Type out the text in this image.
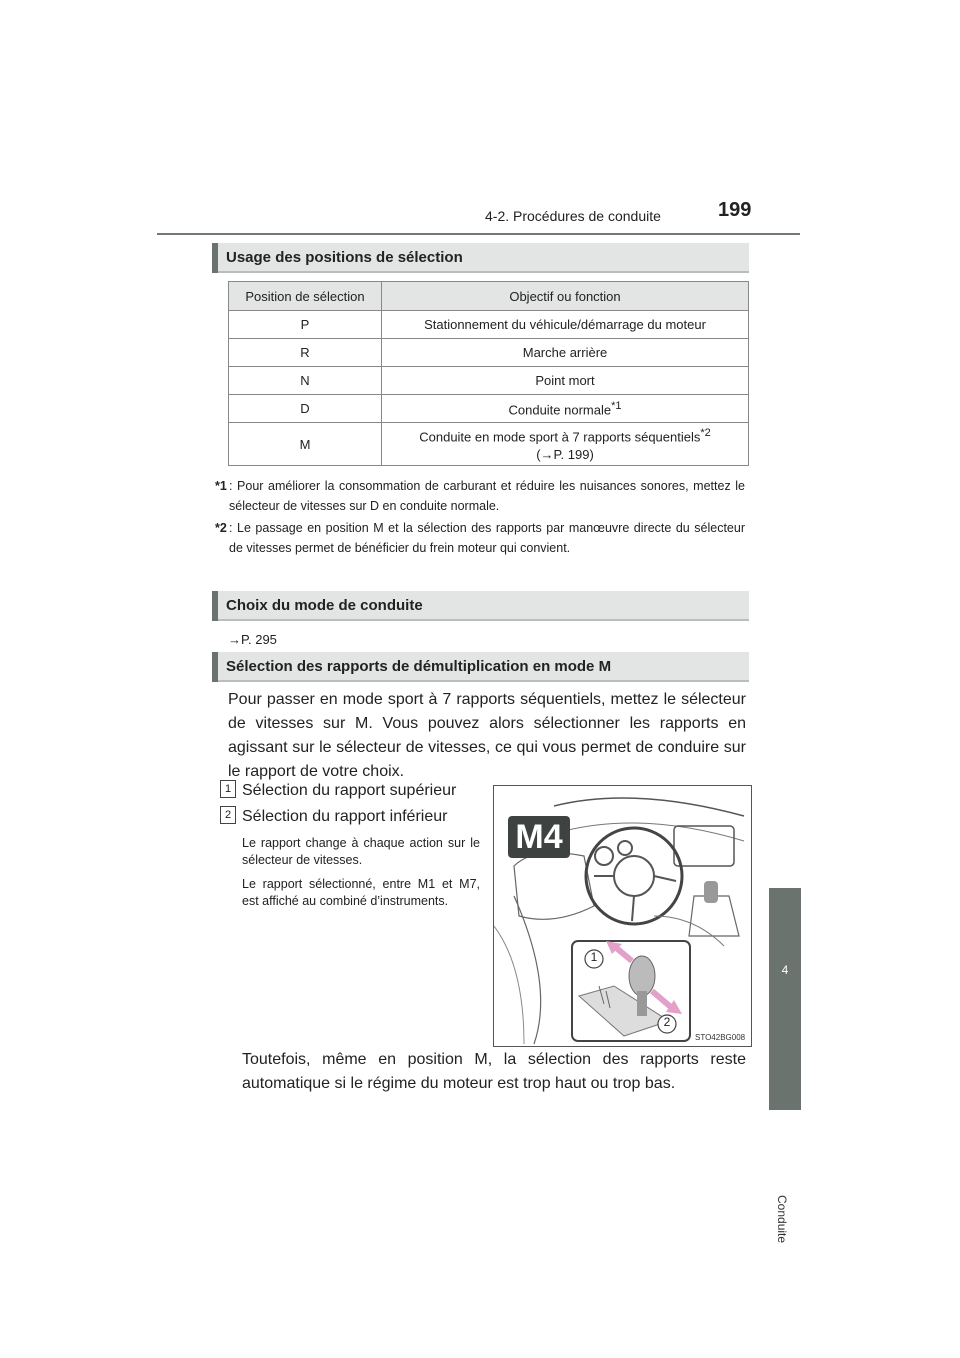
4-2. Procédures de conduite	199
4
Conduite
Usage des positions de sélection
Position de sélection	Objectif ou fonction
P	Stationnement du véhicule/démarrage du moteur
R	Marche arrière
N	Point mort
D	Conduite normale$^{*1}$
M	Conduite en mode sport à 7 rapports séquentiels$^{*2}$
(→P. 199)
*1 : Pour améliorer la consommation de carburant et réduire les nuisances sonores, mettez le sélecteur de vitesses sur D en conduite normale.
*2 : Le passage en position M et la sélection des rapports par manœuvre directe du sélecteur de vitesses permet de bénéficier du frein moteur qui convient.
Choix du mode de conduite
→P. 295
Sélection des rapports de démultiplication en mode M
Pour passer en mode sport à 7 rapports séquentiels, mettez le sélecteur de vitesses sur M. Vous pouvez alors sélectionner les rapports en agissant sur le sélecteur de vitesses, ce qui vous permet de conduire sur le rapport de votre choix.
1 Sélection du rapport supérieur
2 Sélection du rapport inférieur
Le rapport change à chaque action sur le sélecteur de vitesses.
Le rapport sélectionné, entre M1 et M7, est affiché au combiné d’instruments.
M4
1
2
STO42BG008
Toutefois, même en position M, la sélection des rapports reste automatique si le régime du moteur est trop haut ou trop bas.
